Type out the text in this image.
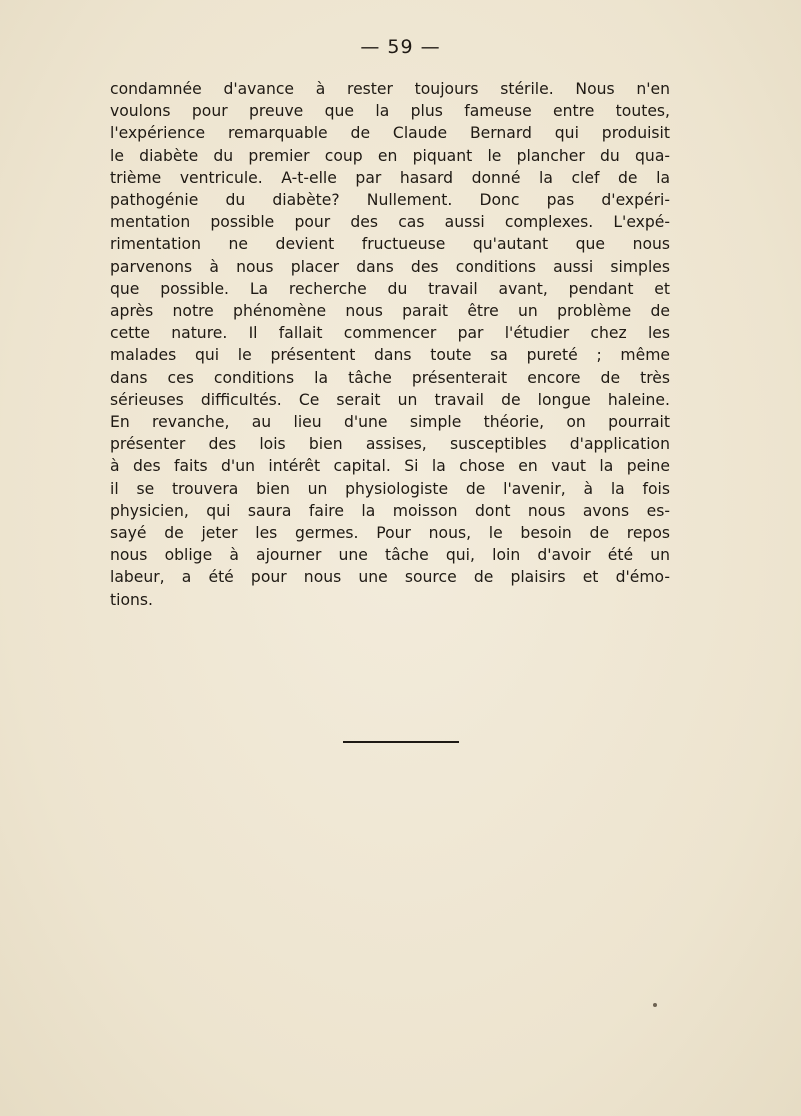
— 59 —
condamnée d'avance à rester toujours stérile. Nous n'en
voulons pour preuve que la plus fameuse entre toutes,
l'expérience remarquable de Claude Bernard qui produisit
le diabète du premier coup en piquant le plancher du qua-
trième ventricule. A-t-elle par hasard donné la clef de la
pathogénie du diabète? Nullement. Donc pas d'expéri-
mentation possible pour des cas aussi complexes. L'expé-
rimentation ne devient fructueuse qu'autant que nous
parvenons à nous placer dans des conditions aussi simples
que possible. La recherche du travail avant, pendant et
après notre phénomène nous parait être un problème de
cette nature. Il fallait commencer par l'étudier chez les
malades qui le présentent dans toute sa pureté ; même
dans ces conditions la tâche présenterait encore de très
sérieuses difficultés. Ce serait un travail de longue haleine.
En revanche, au lieu d'une simple théorie, on pourrait
présenter des lois bien assises, susceptibles d'application
à des faits d'un intérêt capital. Si la chose en vaut la peine
il se trouvera bien un physiologiste de l'avenir, à la fois
physicien, qui saura faire la moisson dont nous avons es-
sayé de jeter les germes. Pour nous, le besoin de repos
nous oblige à ajourner une tâche qui, loin d'avoir été un
labeur, a été pour nous une source de plaisirs et d'émo-
tions.
